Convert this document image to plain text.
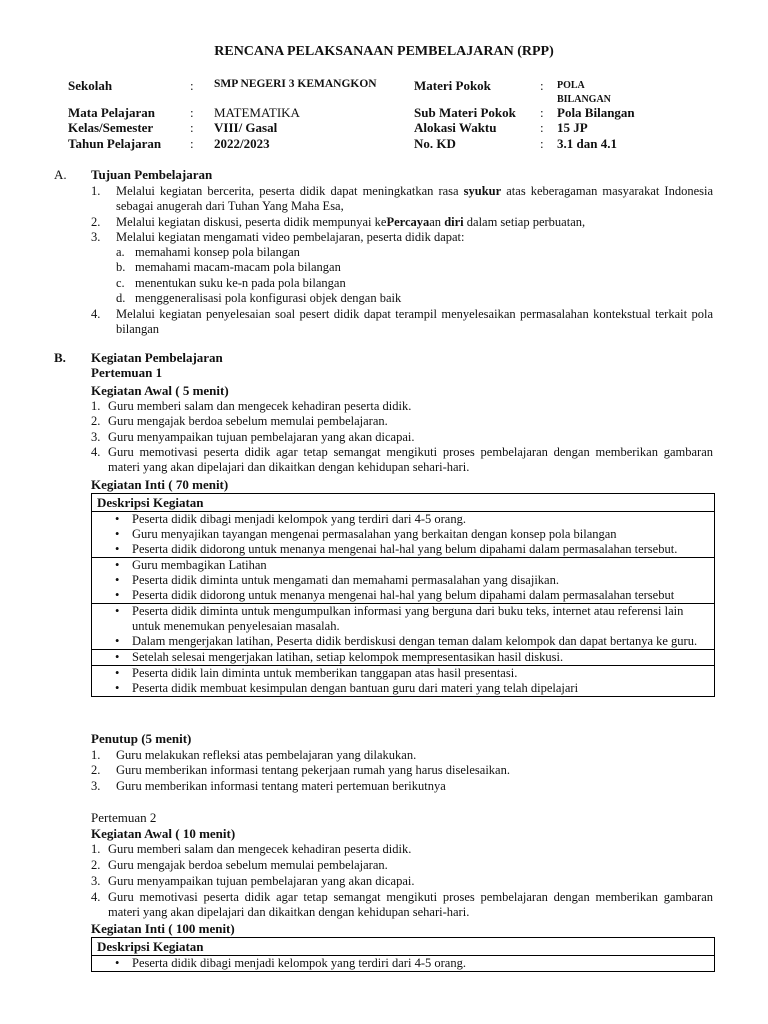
RENCANA PELAKSANAAN PEMBELAJARAN (RPP)
Sekolah	: SMP NEGERI 3 KEMANGKON	Materi Pokok	: POLA
BILANGAN
Mata Pelajaran	: MATEMATIKA	Sub Materi Pokok	: Pola Bilangan
Kelas/Semester	: VIII/ Gasal	Alokasi Waktu	: 15 JP
Tahun Pelajaran	: 2022/2023	No. KD	: 3.1 dan 4.1
A. Tujuan Pembelajaran
1. Melalui kegiatan bercerita, peserta didik dapat meningkatkan rasa syukur atas keberagaman masyarakat Indonesia sebagai anugerah dari Tuhan Yang Maha Esa,
2. Melalui kegiatan diskusi, peserta didik mempunyai kePercayaan diri dalam setiap perbuatan,
3. Melalui kegiatan mengamati video pembelajaran, peserta didik dapat:
a. memahami konsep pola bilangan
b. memahami macam-macam pola bilangan
c. menentukan suku ke-n pada pola bilangan
d. menggeneralisasi pola konfigurasi objek dengan baik
4. Melalui kegiatan penyelesaian soal pesert didik dapat terampil menyelesaikan permasalahan kontekstual terkait pola bilangan
B. Kegiatan Pembelajaran
Pertemuan 1
Kegiatan Awal ( 5 menit)
1. Guru memberi salam dan mengecek kehadiran peserta didik.
2. Guru mengajak berdoa sebelum memulai pembelajaran.
3. Guru menyampaikan tujuan pembelajaran yang akan dicapai.
4. Guru memotivasi peserta didik agar tetap semangat mengikuti proses pembelajaran dengan memberikan gambaran materi yang akan dipelajari dan dikaitkan dengan kehidupan sehari-hari.
Kegiatan Inti ( 70 menit)
Deskripsi Kegiatan
• Peserta didik dibagi menjadi kelompok yang terdiri dari 4-5 orang.
• Guru menyajikan tayangan mengenai permasalahan yang berkaitan dengan konsep pola bilangan
• Peserta didik didorong untuk menanya mengenai hal-hal yang belum dipahami dalam permasalahan tersebut.
• Guru membagikan Latihan
• Peserta didik diminta untuk mengamati dan memahami permasalahan yang disajikan.
• Peserta didik didorong untuk menanya mengenai hal-hal yang belum dipahami dalam permasalahan tersebut
• Peserta didik diminta untuk mengumpulkan informasi yang berguna dari buku teks, internet atau referensi lain untuk menemukan penyelesaian masalah.
• Dalam mengerjakan latihan, Peserta didik berdiskusi dengan teman dalam kelompok dan dapat bertanya ke guru.
• Setelah selesai mengerjakan latihan, setiap kelompok mempresentasikan hasil diskusi.
• Peserta didik lain diminta untuk memberikan tanggapan atas hasil presentasi.
• Peserta didik membuat kesimpulan dengan bantuan guru dari materi yang telah dipelajari
Penutup (5 menit)
1. Guru melakukan refleksi atas pembelajaran yang dilakukan.
2. Guru memberikan informasi tentang pekerjaan rumah yang harus diselesaikan.
3. Guru memberikan informasi tentang materi pertemuan berikutnya
Pertemuan 2
Kegiatan Awal ( 10 menit)
1. Guru memberi salam dan mengecek kehadiran peserta didik.
2. Guru mengajak berdoa sebelum memulai pembelajaran.
3. Guru menyampaikan tujuan pembelajaran yang akan dicapai.
4. Guru memotivasi peserta didik agar tetap semangat mengikuti proses pembelajaran dengan memberikan gambaran materi yang akan dipelajari dan dikaitkan dengan kehidupan sehari-hari.
Kegiatan Inti ( 100 menit)
Deskripsi Kegiatan
• Peserta didik dibagi menjadi kelompok yang terdiri dari 4-5 orang.
